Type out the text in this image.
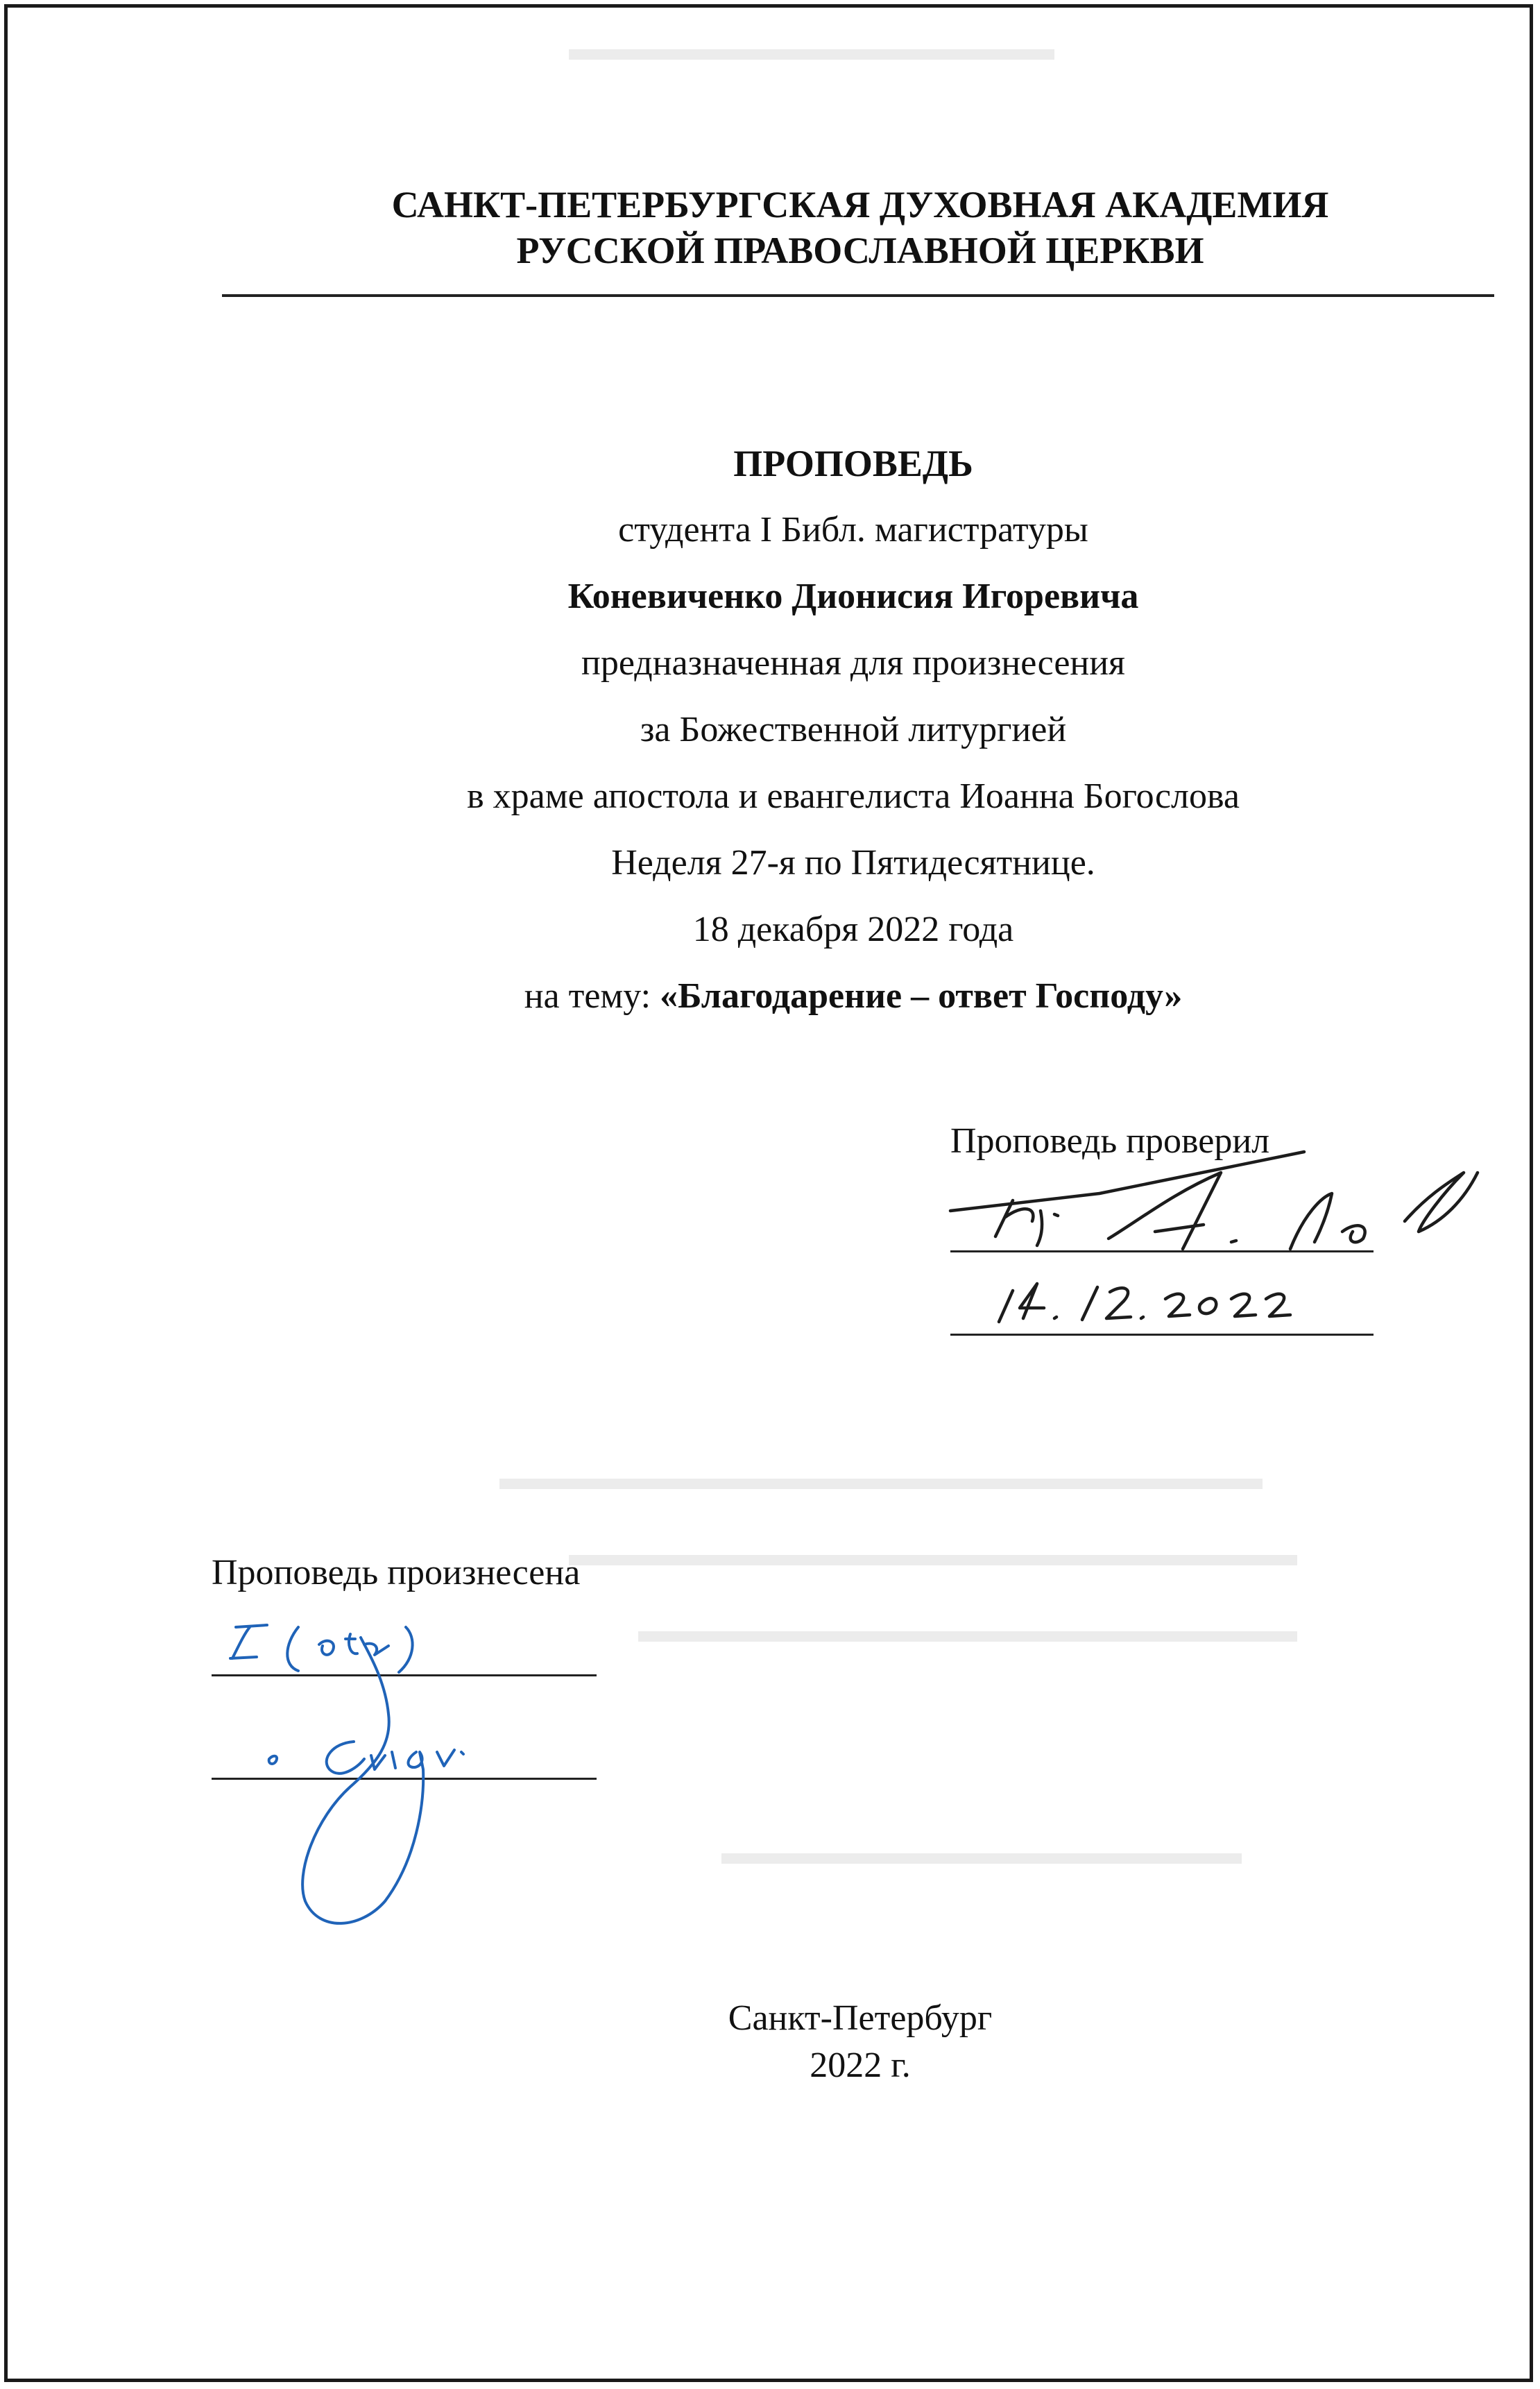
▬▬▬▬▬▬▬▬▬▬▬▬▬▬
▬▬▬▬▬▬▬▬▬▬▬▬▬▬▬▬▬▬▬▬▬▬
▬▬▬▬▬▬▬▬▬▬▬▬▬▬▬▬▬▬▬▬▬
▬▬▬▬▬▬▬▬▬▬▬▬▬▬▬▬▬▬▬
▬▬▬▬▬▬▬▬▬▬▬▬▬▬▬
САНКТ-ПЕТЕРБУРГСКАЯ ДУХОВНАЯ АКАДЕМИЯ
РУССКОЙ ПРАВОСЛАВНОЙ ЦЕРКВИ
ПРОПОВЕДЬ
студента I Библ. магистратуры
Коневиченко Дионисия Игоревича
предназначенная для произнесения
за Божественной литургией
в храме апостола и евангелиста Иоанна Богослова
Неделя 27-я по Пятидесятнице.
18 декабря 2022 года
на тему: «Благодарение – ответ Господу»
Проповедь проверил
Проповедь произнесена
Санкт-Петербург
2022 г.
